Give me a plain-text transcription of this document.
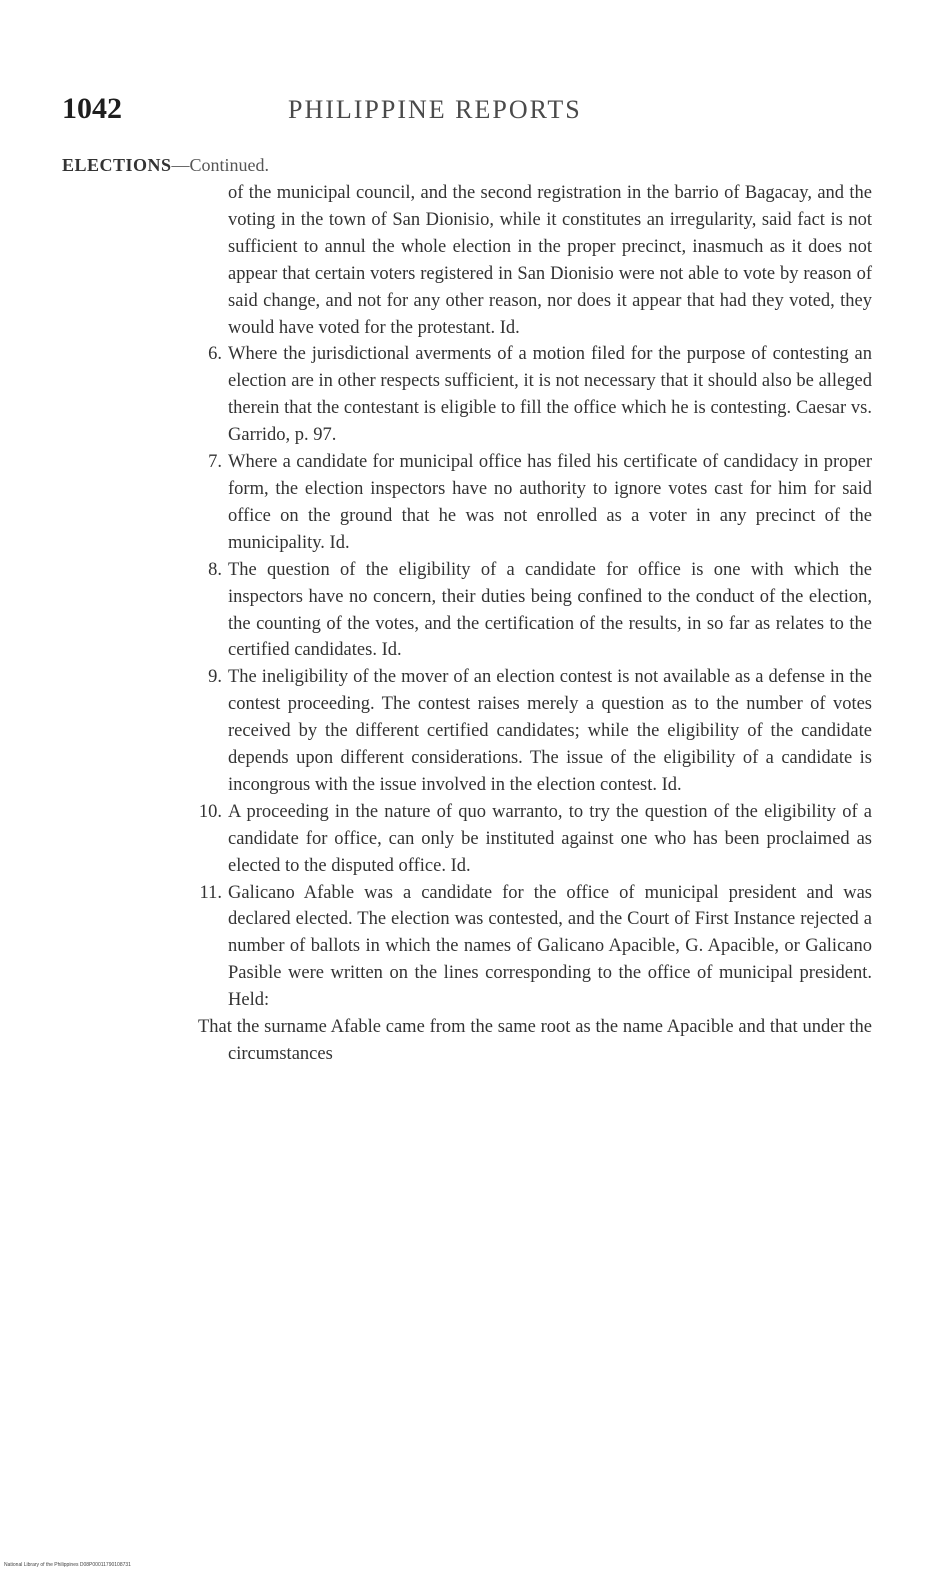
1042	PHILIPPINE REPORTS
ELECTIONS—Continued.

of the municipal council, and the second registration in the barrio of Bagacay, and the voting in the town of San Dionisio, while it constitutes an irregularity, said fact is not sufficient to annul the whole election in the proper precinct, inasmuch as it does not appear that certain voters registered in San Dionisio were not able to vote by reason of said change, and not for any other reason, nor does it appear that had they voted, they would have voted for the protestant. Id.

6. Where the jurisdictional averments of a motion filed for the purpose of contesting an election are in other respects sufficient, it is not necessary that it should also be alleged therein that the contestant is eligible to fill the office which he is contesting. Caesar vs. Garrido, p. 97.
7. Where a candidate for municipal office has filed his certificate of candidacy in proper form, the election inspectors have no authority to ignore votes cast for him for said office on the ground that he was not enrolled as a voter in any precinct of the municipality. Id.
8. The question of the eligibility of a candidate for office is one with which the inspectors have no concern, their duties being confined to the conduct of the election, the counting of the votes, and the certification of the results, in so far as relates to the certified candidates. Id.
9. The ineligibility of the mover of an election contest is not available as a defense in the contest proceeding. The contest raises merely a question as to the number of votes received by the different certified candidates; while the eligibility of the candidate depends upon different considerations. The issue of the eligibility of a candidate is incongrous with the issue involved in the election contest. Id.
10. A proceeding in the nature of quo warranto, to try the question of the eligibility of a candidate for office, can only be instituted against one who has been proclaimed as elected to the disputed office. Id.
11. Galicano Afable was a candidate for the office of municipal president and was declared elected. The election was contested, and the Court of First Instance rejected a number of ballots in which the names of Galicano Apacible, G. Apacible, or Galicano Pasible were written on the lines corresponding to the office of municipal president. Held:

That the surname Afable came from the same root as the name Apacible and that under the circumstances

National Library of the Philippines D08P00011790108731
